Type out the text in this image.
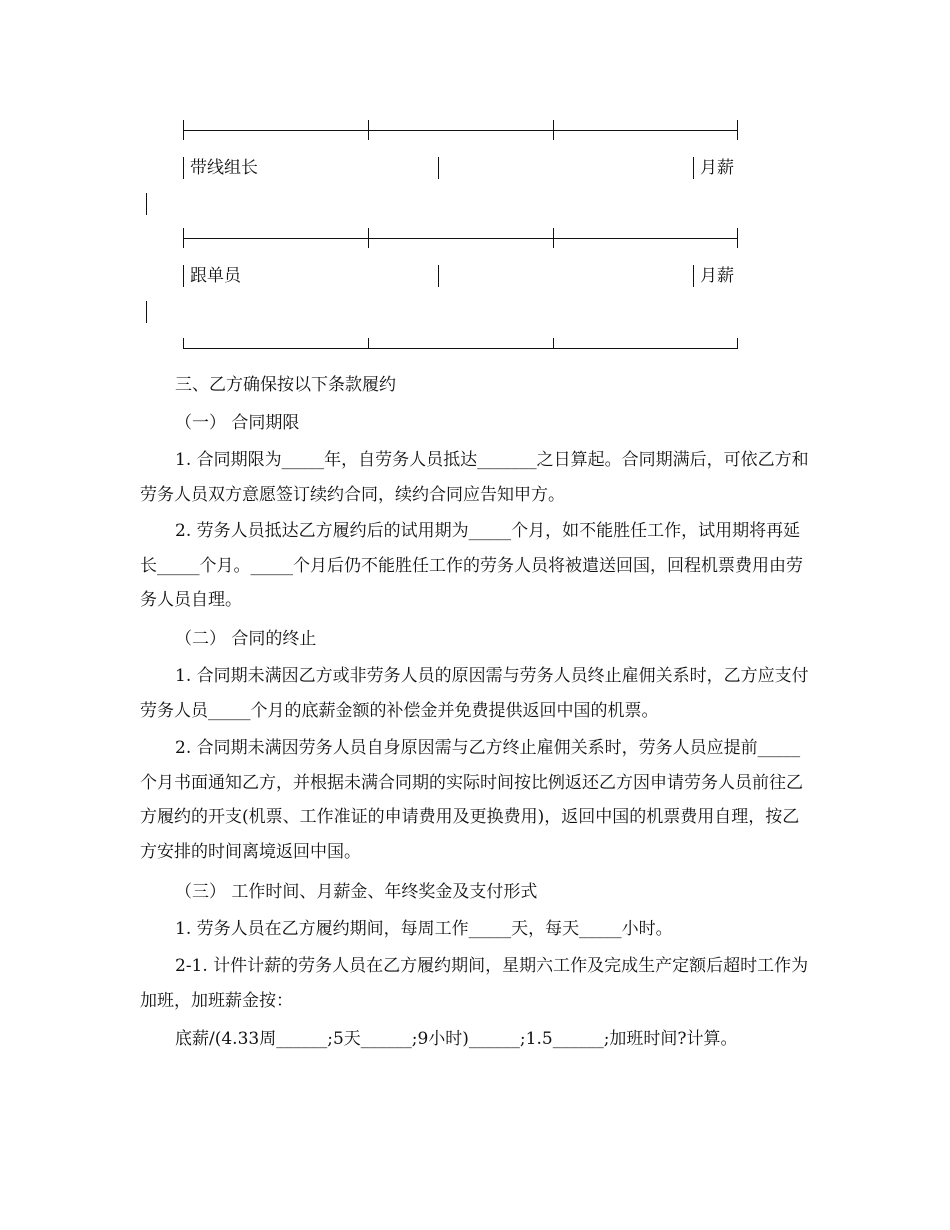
带线组长	月薪
跟单员	月薪

三、乙方确保按以下条款履约

（一） 合同期限

1. 合同期限为_____年，自劳务人员抵达_______之日算起。合同期满后，可依乙方和劳务人员双方意愿签订续约合同，续约合同应告知甲方。

2. 劳务人员抵达乙方履约后的试用期为_____个月，如不能胜任工作，试用期将再延长_____个月。_____个月后仍不能胜任工作的劳务人员将被遣送回国，回程机票费用由劳务人员自理。

（二） 合同的终止

1. 合同期未满因乙方或非劳务人员的原因需与劳务人员终止雇佣关系时，乙方应支付劳务人员_____个月的底薪金额的补偿金并免费提供返回中国的机票。

2. 合同期未满因劳务人员自身原因需与乙方终止雇佣关系时，劳务人员应提前_____个月书面通知乙方，并根据未满合同期的实际时间按比例返还乙方因申请劳务人员前往乙方履约的开支(机票、工作准证的申请费用及更换费用)，返回中国的机票费用自理，按乙方安排的时间离境返回中国。

（三） 工作时间、月薪金、年终奖金及支付形式

1. 劳务人员在乙方履约期间，每周工作_____天，每天_____小时。

2-1. 计件计薪的劳务人员在乙方履约期间，星期六工作及完成生产定额后超时工作为加班，加班薪金按：

底薪/(4.33周______;5天______;9小时)______;1.5______;加班时间?计算。
